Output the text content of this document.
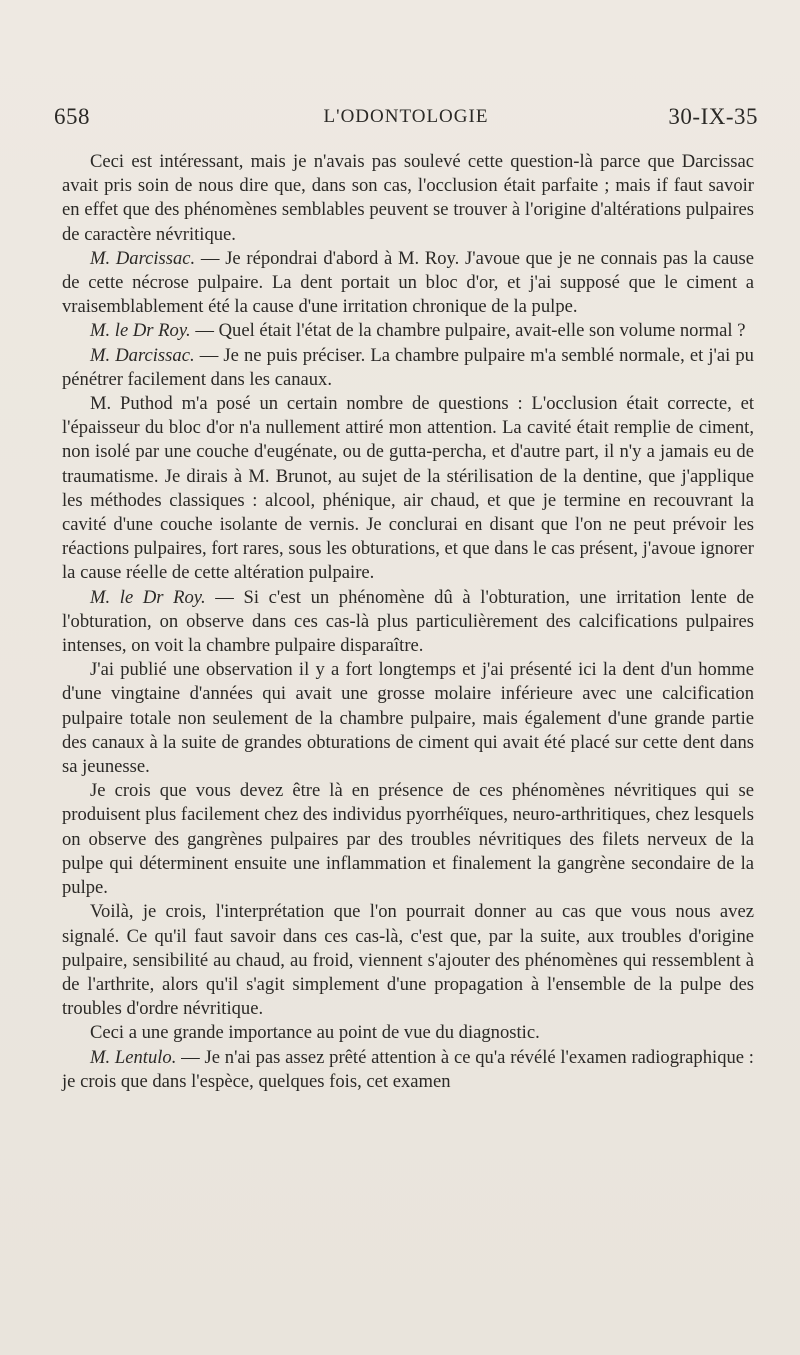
658	L'ODONTOLOGIE	30-IX-35

Ceci est intéressant, mais je n'avais pas soulevé cette question-là parce que Darcissac avait pris soin de nous dire que, dans son cas, l'occlusion était parfaite ; mais if faut savoir en effet que des phénomènes semblables peuvent se trouver à l'origine d'altérations pulpaires de caractère névritique.

M. Darcissac. — Je répondrai d'abord à M. Roy. J'avoue que je ne connais pas la cause de cette nécrose pulpaire. La dent portait un bloc d'or, et j'ai supposé que le ciment a vraisemblablement été la cause d'une irritation chronique de la pulpe.

M. le Dr Roy. — Quel était l'état de la chambre pulpaire, avait-elle son volume normal ?

M. Darcissac. — Je ne puis préciser. La chambre pulpaire m'a semblé normale, et j'ai pu pénétrer facilement dans les canaux.

M. Puthod m'a posé un certain nombre de questions : L'occlusion était correcte, et l'épaisseur du bloc d'or n'a nullement attiré mon attention. La cavité était remplie de ciment, non isolé par une couche d'eugénate, ou de gutta-percha, et d'autre part, il n'y a jamais eu de traumatisme. Je dirais à M. Brunot, au sujet de la stérilisation de la dentine, que j'applique les méthodes classiques : alcool, phénique, air chaud, et que je termine en recouvrant la cavité d'une couche isolante de vernis. Je conclurai en disant que l'on ne peut prévoir les réactions pulpaires, fort rares, sous les obturations, et que dans le cas présent, j'avoue ignorer la cause réelle de cette altération pulpaire.

M. le Dr Roy. — Si c'est un phénomène dû à l'obturation, une irritation lente de l'obturation, on observe dans ces cas-là plus particulièrement des calcifications pulpaires intenses, on voit la chambre pulpaire disparaître.

J'ai publié une observation il y a fort longtemps et j'ai présenté ici la dent d'un homme d'une vingtaine d'années qui avait une grosse molaire inférieure avec une calcification pulpaire totale non seulement de la chambre pulpaire, mais également d'une grande partie des canaux à la suite de grandes obturations de ciment qui avait été placé sur cette dent dans sa jeunesse.

Je crois que vous devez être là en présence de ces phénomènes névritiques qui se produisent plus facilement chez des individus pyorrhéïques, neuro-arthritiques, chez lesquels on observe des gangrènes pulpaires par des troubles névritiques des filets nerveux de la pulpe qui déterminent ensuite une inflammation et finalement la gangrène secondaire de la pulpe.

Voilà, je crois, l'interprétation que l'on pourrait donner au cas que vous nous avez signalé. Ce qu'il faut savoir dans ces cas-là, c'est que, par la suite, aux troubles d'origine pulpaire, sensibilité au chaud, au froid, viennent s'ajouter des phénomènes qui ressemblent à de l'arthrite, alors qu'il s'agit simplement d'une propagation à l'ensemble de la pulpe des troubles d'ordre névritique.

Ceci a une grande importance au point de vue du diagnostic.

M. Lentulo. — Je n'ai pas assez prêté attention à ce qu'a révélé l'examen radiographique : je crois que dans l'espèce, quelques fois, cet examen
